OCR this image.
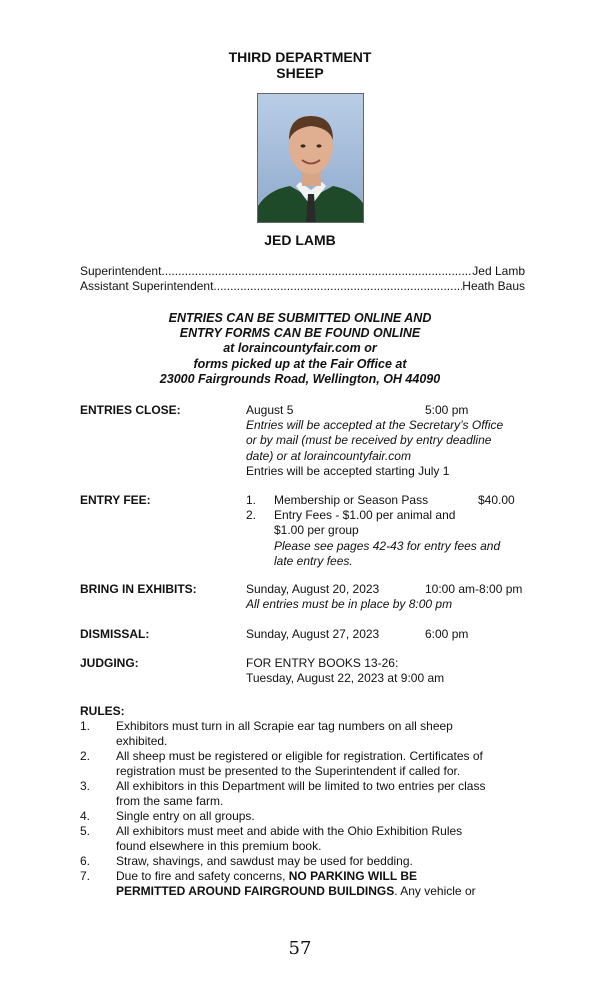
THIRD DEPARTMENT
SHEEP
JED LAMB
Superintendent .....	Jed Lamb
Assistant Superintendent .....	Heath Baus
ENTRIES CAN BE SUBMITTED ONLINE AND
ENTRY FORMS CAN BE FOUND ONLINE
at loraincountyfair.com or
forms picked up at the Fair Office at
23000 Fairgrounds Road, Wellington, OH 44090
ENTRIES CLOSE:	August 5	5:00 pm
Entries will be accepted at the Secretary’s Office
or by mail (must be received by entry deadline
date) or at loraincountyfair.com
Entries will be accepted starting July 1
ENTRY FEE:	1. Membership or Season Pass	$40.00
2. Entry Fees - $1.00 per animal and
$1.00 per group
Please see pages 42-43 for entry fees and
late entry fees.
BRING IN EXHIBITS:	Sunday, August 20, 2023	10:00 am-8:00 pm
All entries must be in place by 8:00 pm
DISMISSAL:	Sunday, August 27, 2023	6:00 pm
JUDGING:	FOR ENTRY BOOKS 13-26:
Tuesday, August 22, 2023 at 9:00 am
RULES:
1.	Exhibitors must turn in all Scrapie ear tag numbers on all sheep
exhibited.
2.	All sheep must be registered or eligible for registration. Certificates of
registration must be presented to the Superintendent if called for.
3.	All exhibitors in this Department will be limited to two entries per class
from the same farm.
4.	Single entry on all groups.
5.	All exhibitors must meet and abide with the Ohio Exhibition Rules
found elsewhere in this premium book.
6.	Straw, shavings, and sawdust may be used for bedding.
7.	Due to fire and safety concerns, NO PARKING WILL BE
PERMITTED AROUND FAIRGROUND BUILDINGS. Any vehicle or
57
